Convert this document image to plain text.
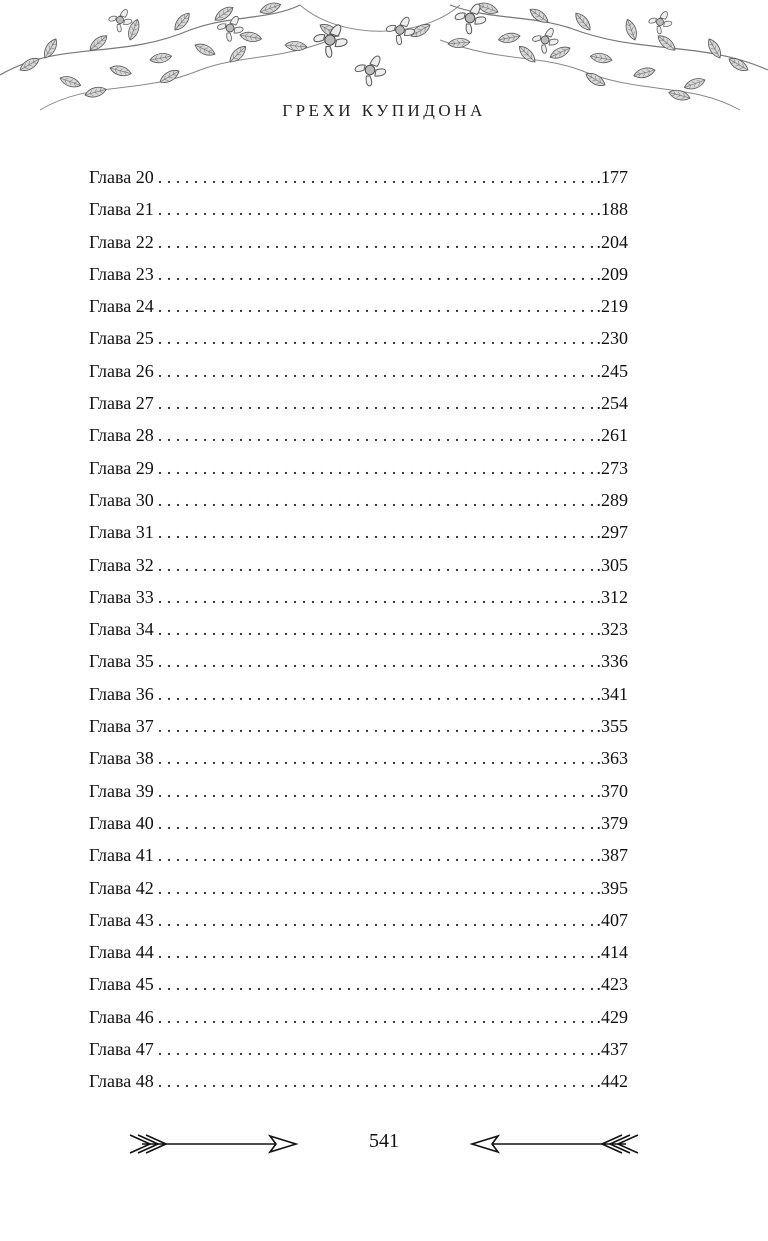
ГРЕХИ КУПИДОНА
Глава 20 . . .	.177
Глава 21 . . .	.188
Глава 22 . . .	.204
Глава 23 . . .	.209
Глава 24 . . .	.219
Глава 25 . . .	.230
Глава 26 . . .	.245
Глава 27 . . .	.254
Глава 28 . . .	.261
Глава 29 . . .	.273
Глава 30 . . .	.289
Глава 31 . . .	.297
Глава 32 . . .	.305
Глава 33 . . .	.312
Глава 34 . . .	.323
Глава 35 . . .	.336
Глава 36 . . .	.341
Глава 37 . . .	.355
Глава 38 . . .	.363
Глава 39 . . .	.370
Глава 40 . . .	.379
Глава 41 . . .	.387
Глава 42 . . .	.395
Глава 43 . . .	.407
Глава 44 . . .	.414
Глава 45 . . .	.423
Глава 46 . . .	.429
Глава 47 . . .	.437
Глава 48 . . .	.442
541
